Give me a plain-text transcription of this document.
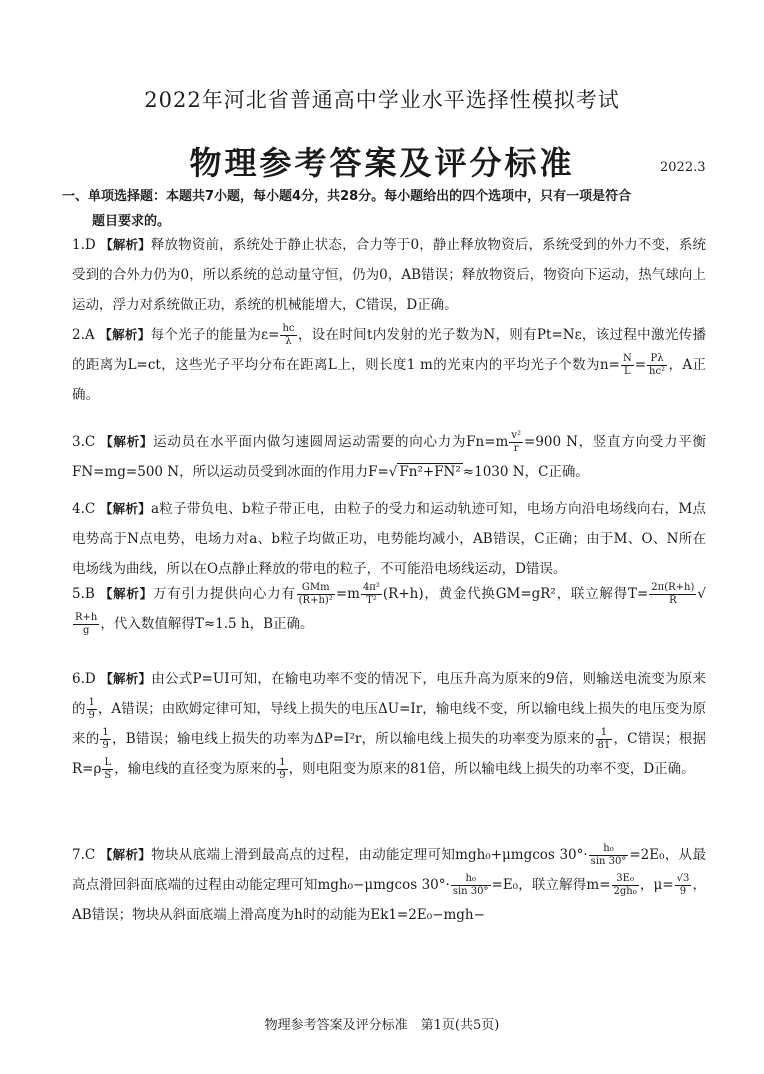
2022年河北省普通高中学业水平选择性模拟考试
物理参考答案及评分标准	2022.3
一、单项选择题：本题共7小题，每小题4分，共28分。每小题给出的四个选项中，只有一项是符合
题目要求的。
1.D 【解析】释放物资前，系统处于静止状态，合力等于0，静止释放物资后，系统受到的外力不变，系统受到的合外力仍为0，所以系统的总动量守恒，仍为0，AB错误；释放物资后，物资向下运动，热气球向上运动，浮力对系统做正功，系统的机械能增大，C错误，D正确。
2.A 【解析】每个光子的能量为$\varepsilon= \frac{hc}{\lambda}$ ，设在时间t内发射的光子数为N，则有Pt=Nε，该过程中激光传播的距离为L=ct，这些光子平均分布在距离L上，则长度1 m的光束内的平均光子个数为$n= \frac{N}{L} = \frac{P\lambda}{\text{hc²}}$ ，A正确。
3.C 【解析】运动员在水平面内做匀速圆周运动需要的向心力为$Fn=m \frac{\text{v²}}{r} =900$ N，竖直方向受力平衡FN=mg=500 N，所以运动员受到冰面的作用力F=√ Fn²+FN² ≈1030 N，C正确。
4.C 【解析】a粒子带负电、b粒子带正电，由粒子的受力和运动轨迹可知，电场方向沿电场线向右，M点电势高于N点电势，电场力对a、b粒子均做正功，电势能均减小，AB错误，C正确；由于M、O、N所在电场线为曲线，所以在O点静止释放的带电的粒子，不可能沿电场线运动，D错误。
5.B 【解析】万有引力提供向心力有 $\frac{\text{GMm}}{\text{(R+h)²}} =m \frac{\text{4π²}}{\text{T²}} (R+h)$，黄金代换GM=gR²，联立解得$T= \frac{2\pi(R+h)}{R}$ √
$\frac{R+h}{g}$ ，代入数值解得T≈1.5 h，B正确。
6.D 【解析】由公式P=UI可知，在输电功率不变的情况下，电压升高为原来的9倍，则输送电流变为原来的 $\frac{1}{9}$ ，A错误；由欧姆定律可知，导线上损失的电压ΔU=Ir，输电线不变，所以输电线上损失的电压变为原来的 $\frac{1}{9}$ ，B错误；输电线上损失的功率为ΔP=I²r，所以输电线上损失的功率变为原来的 $\frac{1}{81}$ ，C错误；根据$R=\rho \frac{L}{S}$ ，输电线的直径变为原来的 $\frac{1}{9}$ ，则电阻变为原来的81倍，所以输电线上损失的功率不变，D正确。
7.C 【解析】物块从底端上滑到最高点的过程，由动能定理可知mgh₀+μmgcos $30^\circ\cdot \frac{\text{h₀}}{\sin 30^\circ} =2E_0$，从最高点滑回斜面底端的过程由动能定理可知mgh₀−μmgcos $30^\circ\cdot \frac{\text{h₀}}{\sin 30^\circ} =E_0$，联立解得$m= \frac{\text{3E₀}}{\text{2gh₀}}$ ，$\mu= \frac{√3}{9}$ ，AB错误；物块从斜面底端上滑高度为h时的动能为Ek1=2E₀−mgh−
物理参考答案及评分标准　第1页(共5页)
